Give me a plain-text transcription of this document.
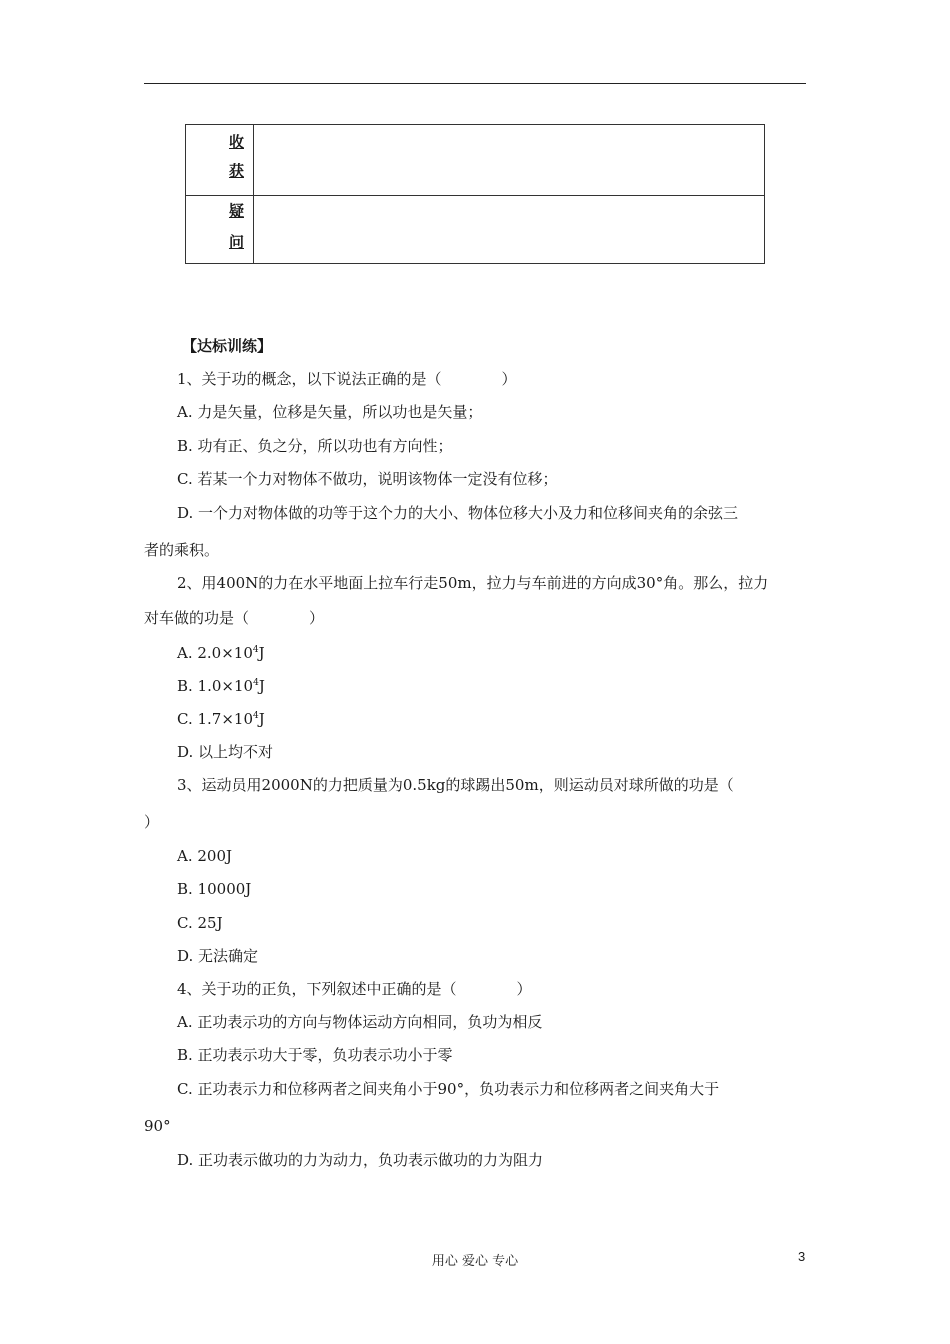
收
获	

疑
问	

【达标训练】
1、关于功的概念，以下说法正确的是（　　　　）
A. 力是矢量，位移是矢量，所以功也是矢量；
B. 功有正、负之分，所以功也有方向性；
C. 若某一个力对物体不做功，说明该物体一定没有位移；
D. 一个力对物体做的功等于这个力的大小、物体位移大小及力和位移间夹角的余弦三
者的乘积。
2、用400N的力在水平地面上拉车行走50m，拉力与车前进的方向成30°角。那么，拉力
对车做的功是（　　　　）
A. $2.0\times 10^4J$
B. $1.0\times 10^4J$
C. $1.7\times 10^4J$
D. 以上均不对
3、运动员用2000N的力把质量为0.5kg的球踢出50m，则运动员对球所做的功是（
）
A. 200J
B. 10000J
C. 25J
D. 无法确定
4、关于功的正负，下列叙述中正确的是（　　　　）
A. 正功表示功的方向与物体运动方向相同，负功为相反
B. 正功表示功大于零，负功表示功小于零
C. 正功表示力和位移两者之间夹角小于90°，负功表示力和位移两者之间夹角大于
90°
D. 正功表示做功的力为动力，负功表示做功的力为阻力
用心 爱心 专心	3
